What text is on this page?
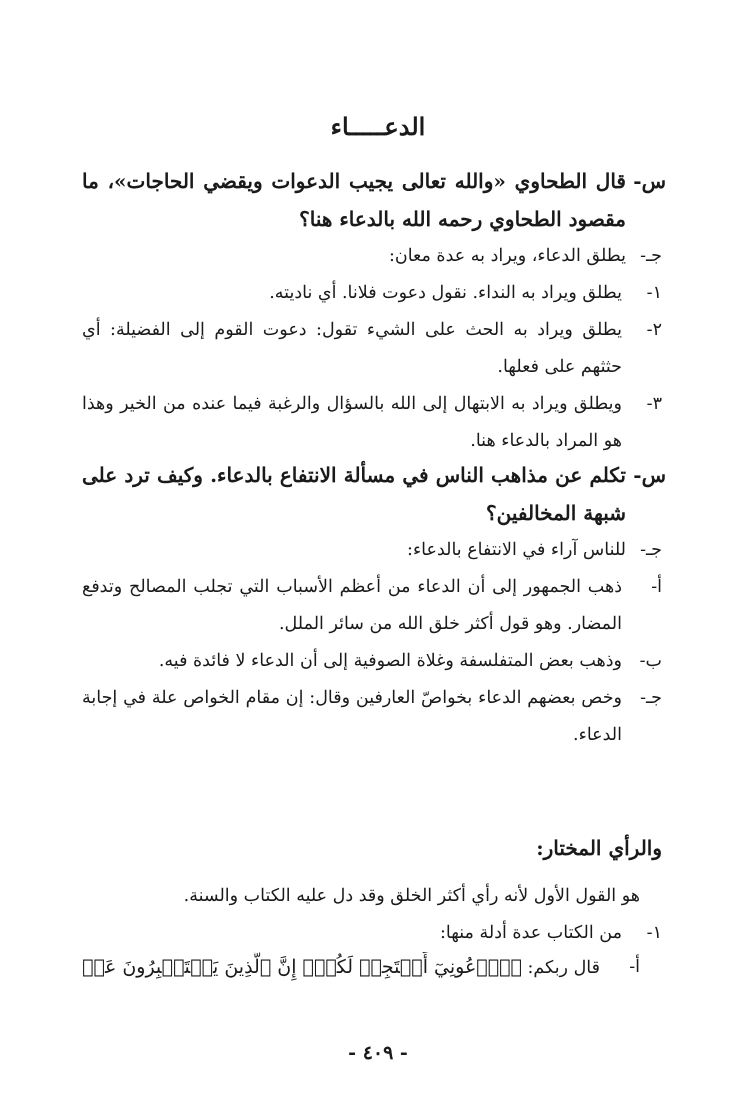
الدعـــــاء
س-
قال الطحاوي «والله تعالى يجيب الدعوات ويقضي الحاجات»، ما مقصود الطحاوي رحمه الله بالدعاء هنا؟
جـ-
يطلق الدعاء، ويراد به عدة معان:
١-
يطلق ويراد به النداء. نقول دعوت فلانا. أي ناديته.
٢-
يطلق ويراد به الحث على الشيء تقول: دعوت القوم إلى الفضيلة: أي حثثهم على فعلها.
٣-
ويطلق ويراد به الابتهال إلى الله بالسؤال والرغبة فيما عنده من الخير وهذا هو المراد بالدعاء هنا.
س-
تكلم عن مذاهب الناس في مسألة الانتفاع بالدعاء. وكيف ترد على شبهة المخالفين؟
جـ-
للناس آراء في الانتفاع بالدعاء:
أ-
ذهب الجمهور إلى أن الدعاء من أعظم الأسباب التي تجلب المصالح وتدفع المضار. وهو قول أكثر خلق الله من سائر الملل.
ب-
وذهب بعض المتفلسفة وغلاة الصوفية إلى أن الدعاء لا فائدة فيه.
جـ-
وخص بعضهم الدعاء بخواصّ العارفين وقال: إن مقام الخواص علة في إجابة الدعاء.
والرأي المختار:
هو القول الأول لأنه رأي أكثر الخلق وقد دل عليه الكتاب والسنة.
١-
من الكتاب عدة أدلة منها:
أ-
قال ربكم: ﴿ٱدۡعُونِيٓ أَسۡتَجِبۡ لَكُمۡۚ إِنَّ ٱلَّذِينَ يَسۡتَكۡبِرُونَ عَنۡ
- ٤٠٩ -
